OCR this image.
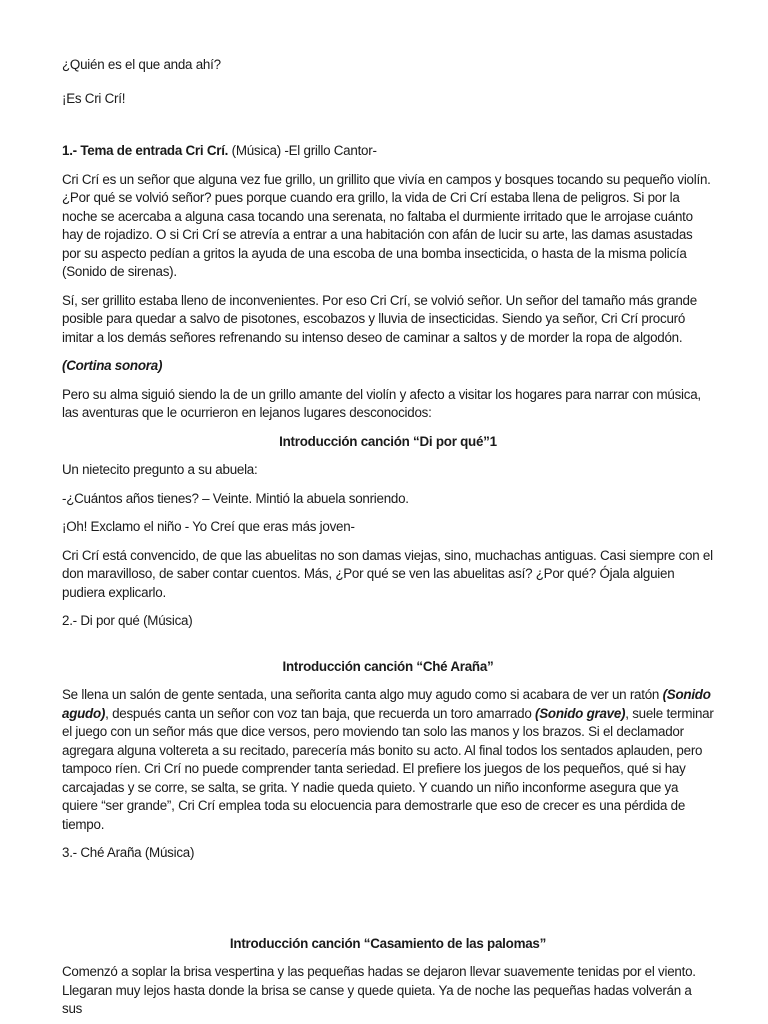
¿Quién es el que anda ahí?

¡Es Cri Crí!

1.- Tema de entrada Cri Crí. (Música) -El grillo Cantor-

Cri Crí es un señor que alguna vez fue grillo, un grillito que vivía en campos y bosques tocando su pequeño violín. ¿Por qué se volvió señor? pues porque cuando era grillo, la vida de Cri Crí estaba llena de peligros. Si por la noche se acercaba a alguna casa tocando una serenata, no faltaba el durmiente irritado que le arrojase cuánto hay de rojadizo. O si Cri Crí se atrevía a entrar a una habitación con afán de lucir su arte, las damas asustadas por su aspecto pedían a gritos la ayuda de una escoba de una bomba insecticida, o hasta de la misma policía (Sonido de sirenas).

Sí, ser grillito estaba lleno de inconvenientes. Por eso Cri Crí, se volvió señor. Un señor del tamaño más grande posible para quedar a salvo de pisotones, escobazos y lluvia de insecticidas. Siendo ya señor, Cri Crí procuró imitar a los demás señores refrenando su intenso deseo de caminar a saltos y de morder la ropa de algodón.

(Cortina sonora)

Pero su alma siguió siendo la de un grillo amante del violín y afecto a visitar los hogares para narrar con música, las aventuras que le ocurrieron en lejanos lugares desconocidos:

Introducción canción “Di por qué”1

Un nietecito pregunto a su abuela:

-¿Cuántos años tienes? – Veinte. Mintió la abuela sonriendo.

¡Oh! Exclamo el niño - Yo Creí que eras más joven-

Cri Crí está convencido, de que las abuelitas no son damas viejas, sino, muchachas antiguas. Casi siempre con el don maravilloso, de saber contar cuentos. Más, ¿Por qué se ven las abuelitas así? ¿Por qué? Ójala alguien pudiera explicarlo.

2.- Di por qué (Música)

Introducción canción “Ché Araña”

Se llena un salón de gente sentada, una señorita canta algo muy agudo como si acabara de ver un ratón (Sonido agudo), después canta un señor con voz tan baja, que recuerda un toro amarrado (Sonido grave), suele terminar el juego con un señor más que dice versos, pero moviendo tan solo las manos y los brazos. Si el declamador agregara alguna voltereta a su recitado, parecería más bonito su acto. Al final todos los sentados aplauden, pero tampoco ríen. Cri Crí no puede comprender tanta seriedad. El prefiere los juegos de los pequeños, qué si hay carcajadas y se corre, se salta, se grita. Y nadie queda quieto. Y cuando un niño inconforme asegura que ya quiere “ser grande”, Cri Crí emplea toda su elocuencia para demostrarle que eso de crecer es una pérdida de tiempo.

3.- Ché Araña (Música)

Introducción canción “Casamiento de las palomas”

Comenzó a soplar la brisa vespertina y las pequeñas hadas se dejaron llevar suavemente tenidas por el viento. Llegaran muy lejos hasta donde la brisa se canse y quede quieta. Ya de noche las pequeñas hadas volverán a sus
